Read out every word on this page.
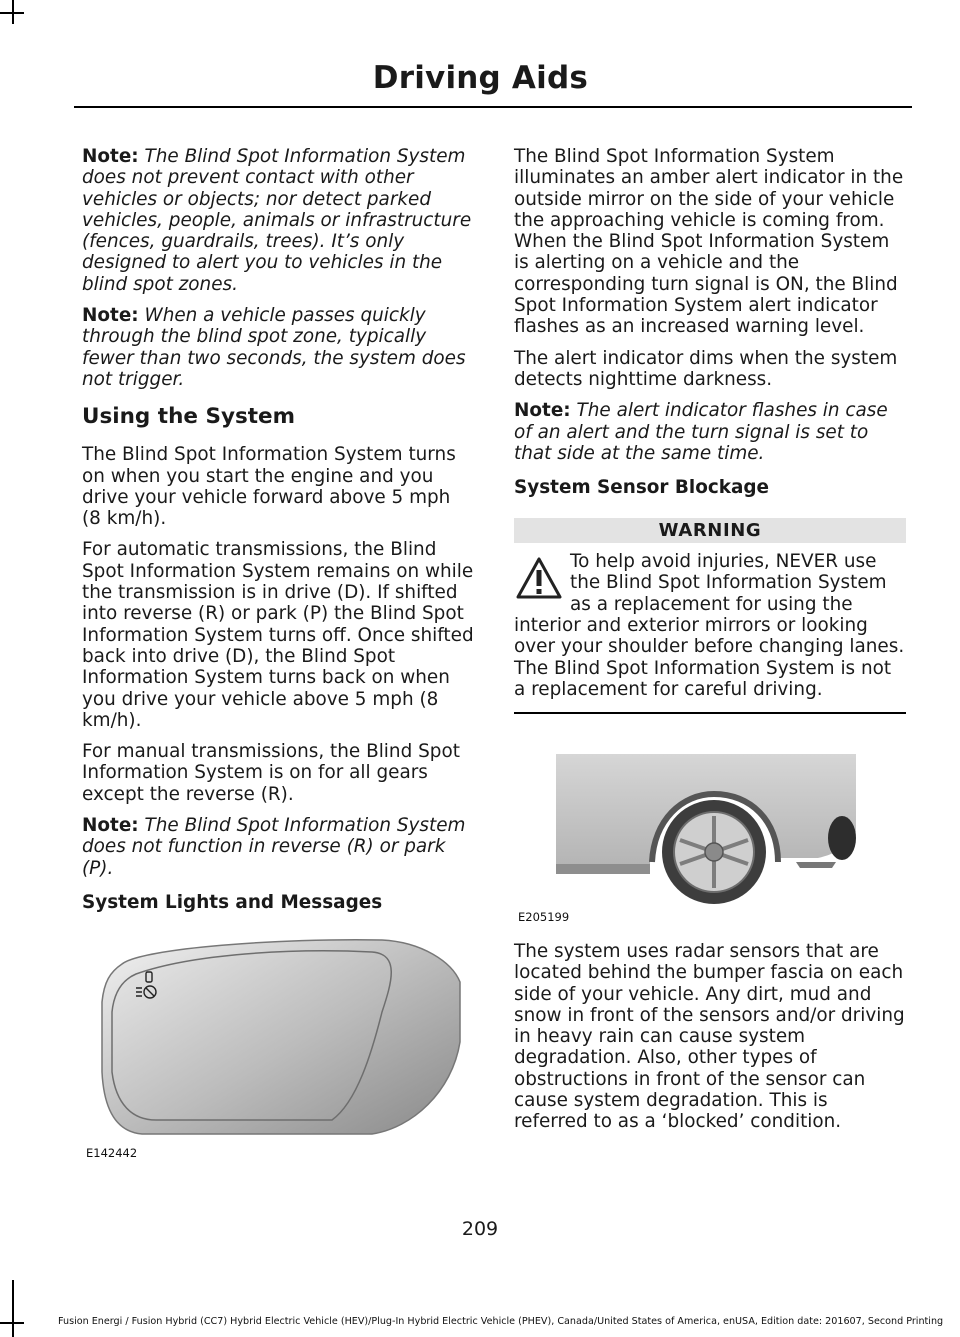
Driving Aids

Note: The Blind Spot Information System does not prevent contact with other vehicles or objects; nor detect parked vehicles, people, animals or infrastructure (fences, guardrails, trees). It’s only designed to alert you to vehicles in the blind spot zones.

Note: When a vehicle passes quickly through the blind spot zone, typically fewer than two seconds, the system does not trigger.

Using the System

The Blind Spot Information System turns on when you start the engine and you drive your vehicle forward above 5 mph (8 km/h).

For automatic transmissions, the Blind Spot Information System remains on while the transmission is in drive (D). If shifted into reverse (R) or park (P) the Blind Spot Information System turns off. Once shifted back into drive (D), the Blind Spot Information System turns back on when you drive your vehicle above 5 mph (8 km/h).

For manual transmissions, the Blind Spot Information System is on for all gears except the reverse (R).

Note: The Blind Spot Information System does not function in reverse (R) or park (P).

System Lights and Messages
E142442

The Blind Spot Information System illuminates an amber alert indicator in the outside mirror on the side of your vehicle the approaching vehicle is coming from. When the Blind Spot Information System is alerting on a vehicle and the corresponding turn signal is ON, the Blind Spot Information System alert indicator flashes as an increased warning level.

The alert indicator dims when the system detects nighttime darkness.

Note: The alert indicator flashes in case of an alert and the turn signal is set to that side at the same time.

System Sensor Blockage
WARNING
To help avoid injuries, NEVER use the Blind Spot Information System as a replacement for using the interior and exterior mirrors or looking over your shoulder before changing lanes. The Blind Spot Information System is not a replacement for careful driving.
E205199

The system uses radar sensors that are located behind the bumper fascia on each side of your vehicle. Any dirt, mud and snow in front of the sensors and/or driving in heavy rain can cause system degradation. Also, other types of obstructions in front of the sensor can cause system degradation. This is referred to as a ‘blocked’ condition.

209
Fusion Energi / Fusion Hybrid (CC7) Hybrid Electric Vehicle (HEV)/Plug-In Hybrid Electric Vehicle (PHEV), Canada/United States of America, enUSA, Edition date: 201607, Second Printing
